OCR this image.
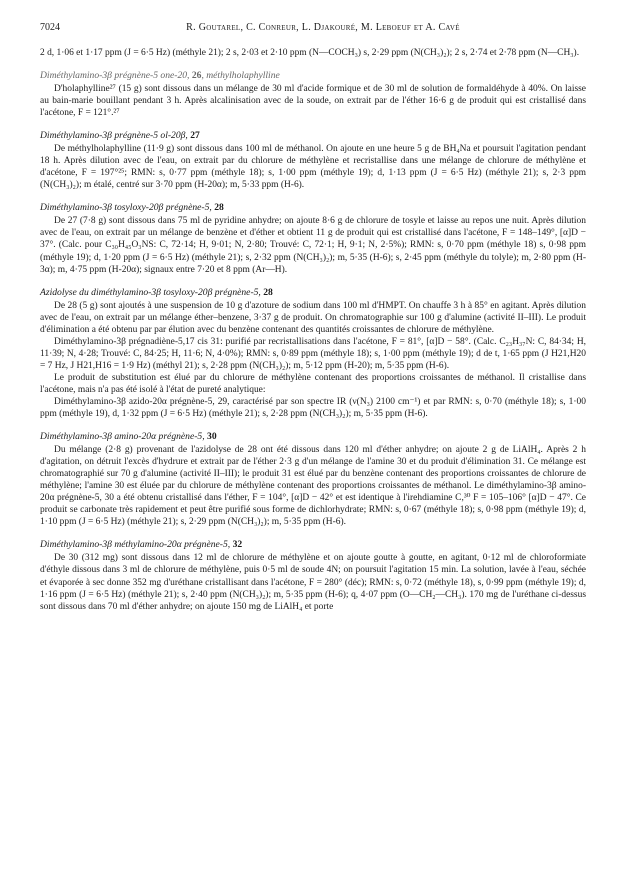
7024	R. Goutarel, C. Conreur, L. Djakouré, M. Leboeuf et A. Cavé

2 d, 1·06 et 1·17 ppm (J = 6·5 Hz) (méthyle 21); 2 s, 2·03 et 2·10 ppm (N—COCH₃) s, 2·29 ppm (N(CH₃)₂); 2 s, 2·74 et 2·78 ppm (N—CH₃).

Diméthylamino-3β prégnène-5 one-20, 26, méthylholaphylline

D'holaphylline²⁷ (15 g) sont dissous dans un mélange de 30 ml d'acide formique et de 30 ml de solution de formaldéhyde à 40%. On laisse au bain-marie bouillant pendant 3 h. Après alcalinisation avec de la soude, on extrait par de l'éther 16·6 g de produit qui est cristallisé dans l'acétone, F = 121°.²⁷

Diméthylamino-3β prégnène-5 ol-20β, 27

De méthylholaphylline (11·9 g) sont dissous dans 100 ml de méthanol. On ajoute en une heure 5 g de BH₄Na et poursuit l'agitation pendant 18 h. Après dilution avec de l'eau, on extrait par du chlorure de méthylène et recristallise dans une mélange de chlorure de méthylène et d'acétone, F = 197°²⁵; RMN: s, 0·77 ppm (méthyle 18); s, 1·00 ppm (méthyle 19); d, 1·13 ppm (J = 6·5 Hz) (méthyle 21); s, 2·3 ppm (N(CH₃)₂); m étalé, centré sur 3·70 ppm (H-20α); m, 5·33 ppm (H-6).

Diméthylamino-3β tosyloxy-20β prégnène-5, 28

De 27 (7·8 g) sont dissous dans 75 ml de pyridine anhydre; on ajoute 8·6 g de chlorure de tosyle et laisse au repos une nuit. Après dilution avec de l'eau, on extrait par un mélange de benzène et d'éther et obtient 11 g de produit qui est cristallisé dans l'acétone, F = 148–149°, [α]D − 37°. (Calc. pour C₃₀H₄₅O₃NS: C, 72·14; H, 9·01; N, 2·80; Trouvé: C, 72·1; H, 9·1; N, 2·5%); RMN: s, 0·70 ppm (méthyle 18) s, 0·98 ppm (méthyle 19); d, 1·20 ppm (J = 6·5 Hz) (méthyle 21); s, 2·32 ppm (N(CH₃)₂); m, 5·35 (H-6); s, 2·45 ppm (méthyle du tolyle); m, 2·80 ppm (H-3α); m, 4·75 ppm (H-20α); signaux entre 7·20 et 8 ppm (Ar—H).

Azidolyse du diméthylamino-3β tosyloxy-20β prégnène-5, 28

De 28 (5 g) sont ajoutés à une suspension de 10 g d'azoture de sodium dans 100 ml d'HMPT. On chauffe 3 h à 85° en agitant. Après dilution avec de l'eau, on extrait par un mélange éther–benzene, 3·37 g de produit. On chromatographie sur 100 g d'alumine (activité II–III). Le produit d'élimination a été obtenu par par élution avec du benzène contenant des quantités croissantes de chlorure de méthylène.

Diméthylamino-3β prégnadiène-5,17 cis 31: purifié par recristallisations dans l'acétone, F = 81°, [α]D − 58°. (Calc. C₂₃H₃₇N: C, 84·34; H, 11·39; N, 4·28; Trouvé: C, 84·25; H, 11·6; N, 4·0%); RMN: s, 0·89 ppm (méthyle 18); s, 1·00 ppm (méthyle 19); d de t, 1·65 ppm (J H21,H20 = 7 Hz, J H21,H16 = 1·9 Hz) (méthyl 21); s, 2·28 ppm (N(CH₃)₂); m, 5·12 ppm (H-20); m, 5·35 ppm (H-6).

Le produit de substitution est élué par du chlorure de méthylène contenant des proportions croissantes de méthanol. Il cristallise dans l'acétone, mais n'a pas été isolé à l'état de pureté analytique:

Diméthylamino-3β azido-20α prégnène-5, 29, caractérisé par son spectre IR (ν(N₃) 2100 cm⁻¹) et par RMN: s, 0·70 (méthyle 18); s, 1·00 ppm (méthyle 19), d, 1·32 ppm (J = 6·5 Hz) (méthyle 21); s, 2·28 ppm (N(CH₃)₂); m, 5·35 ppm (H-6).

Diméthylamino-3β amino-20α prégnène-5, 30

Du mélange (2·8 g) provenant de l'azidolyse de 28 ont été dissous dans 120 ml d'éther anhydre; on ajoute 2 g de LiAlH₄. Après 2 h d'agitation, on détruit l'excès d'hydrure et extrait par de l'éther 2·3 g d'un mélange de l'amine 30 et du produit d'élimination 31. Ce mélange est chromatographié sur 70 g d'alumine (activité II–III); le produit 31 est élué par du benzène contenant des proportions croissantes de chlorure de méthylène; l'amine 30 est éluée par du chlorure de méthylène contenant des proportions croissantes de méthanol. Le diméthylamino-3β amino-20α prégnène-5, 30 a été obtenu cristallisé dans l'éther, F = 104°, [α]D − 42° et est identique à l'irehdiamine C,³⁰ F = 105–106° [α]D − 47°. Ce produit se carbonate très rapidement et peut être purifié sous forme de dichlorhydrate; RMN: s, 0·67 (méthyle 18); s, 0·98 ppm (méthyle 19); d, 1·10 ppm (J = 6·5 Hz) (méthyle 21); s, 2·29 ppm (N(CH₃)₂); m, 5·35 ppm (H-6).

Diméthylamino-3β méthylamino-20α prégnène-5, 32

De 30 (312 mg) sont dissous dans 12 ml de chlorure de méthylène et on ajoute goutte à goutte, en agitant, 0·12 ml de chloroformiate d'éthyle dissous dans 3 ml de chlorure de méthylène, puis 0·5 ml de soude 4N; on poursuit l'agitation 15 min. La solution, lavée à l'eau, séchée et évaporée à sec donne 352 mg d'uréthane cristallisant dans l'acétone, F = 280° (déc); RMN: s, 0·72 (méthyle 18), s, 0·99 ppm (méthyle 19); d, 1·16 ppm (J = 6·5 Hz) (méthyle 21); s, 2·40 ppm (N(CH₃)₂); m, 5·35 ppm (H-6); q, 4·07 ppm (O—CH₂—CH₃). 170 mg de l'uréthane ci-dessus sont dissous dans 70 ml d'éther anhydre; on ajoute 150 mg de LiAlH₄ et porte
